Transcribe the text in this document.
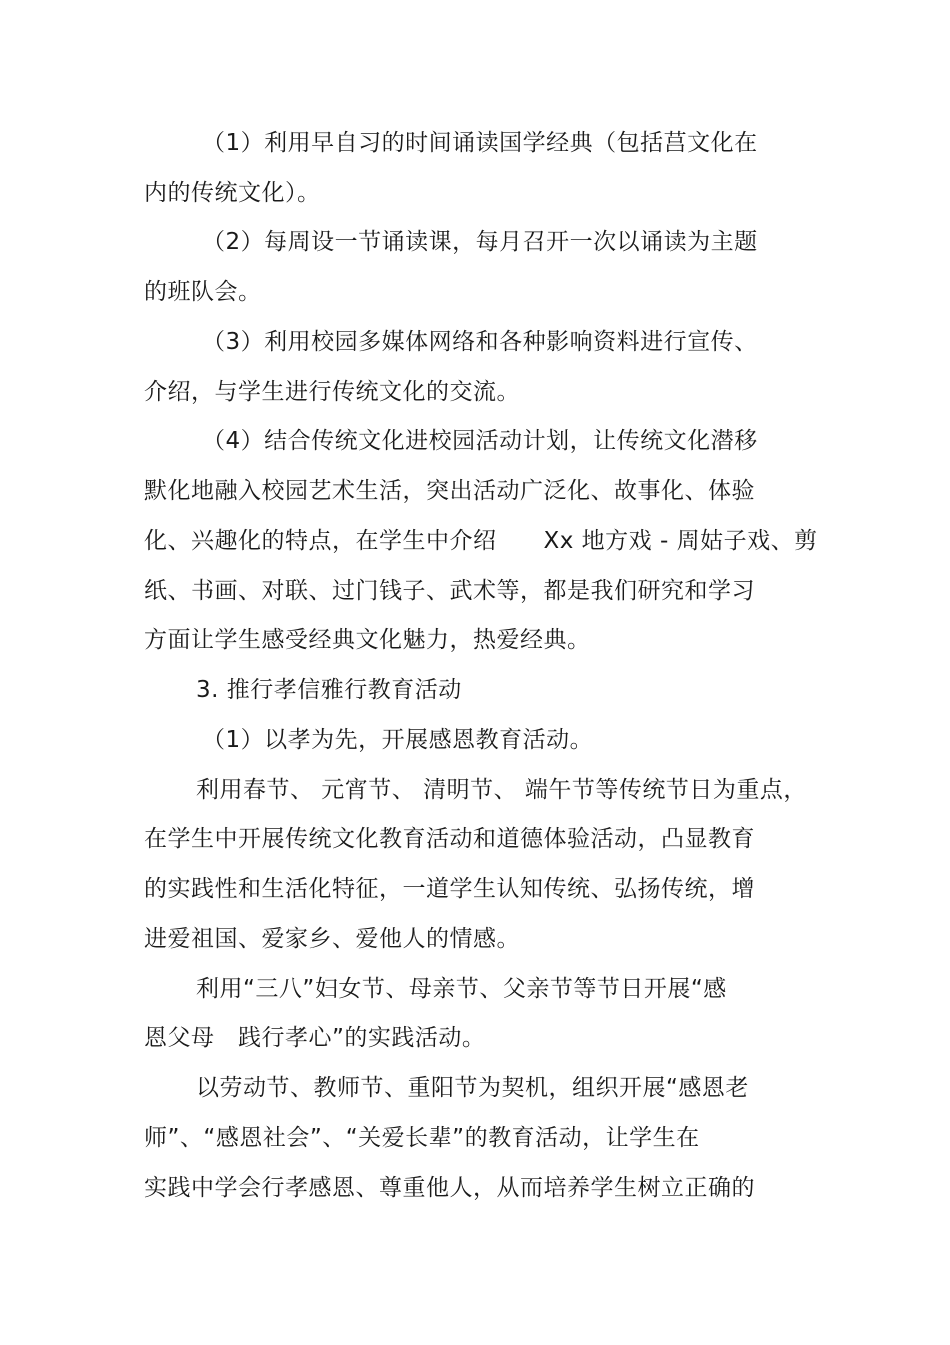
（1）利用早自习的时间诵读国学经典（包括莒文化在

内的传统文化）。

（2）每周设一节诵读课，每月召开一次以诵读为主题

的班队会。

（3）利用校园多媒体网络和各种影响资料进行宣传、

介绍，与学生进行传统文化的交流。

（4）结合传统文化进校园活动计划，让传统文化潜移

默化地融入校园艺术生活，突出活动广泛化、故事化、体验

化、兴趣化的特点，在学生中介绍　　Xx 地方戏 - 周姑子戏、剪

纸、书画、对联、过门钱子、武术等，都是我们研究和学习

方面让学生感受经典文化魅力，热爱经典。

3. 推行孝信雅行教育活动

（1）以孝为先，开展感恩教育活动。

利用春节、 元宵节、 清明节、 端午节等传统节日为重点，

在学生中开展传统文化教育活动和道德体验活动，凸显教育

的实践性和生活化特征，一道学生认知传统、弘扬传统，增

进爱祖国、爱家乡、爱他人的情感。

利用“三八”妇女节、母亲节、父亲节等节日开展“感

恩父母　践行孝心”的实践活动。

以劳动节、教师节、重阳节为契机，组织开展“感恩老

师”、“感恩社会”、“关爱长辈”的教育活动，让学生在

实践中学会行孝感恩、尊重他人，从而培养学生树立正确的
